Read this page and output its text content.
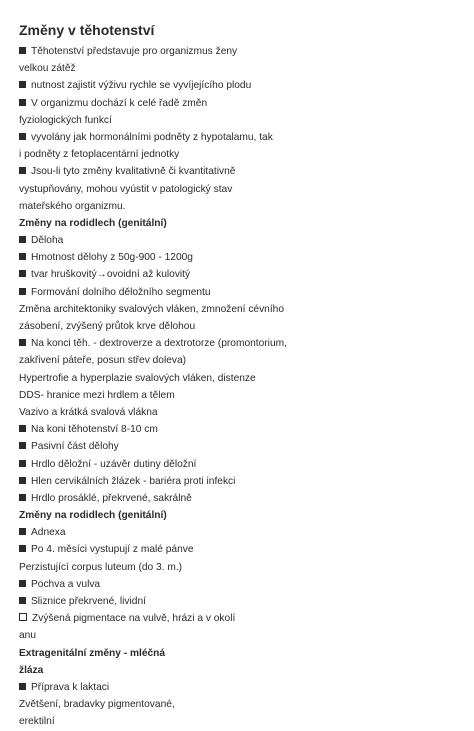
Změny v těhotenství
Těhotenství představuje pro organizmus ženy
velkou zátěž
nutnost zajistit výživu rychle se vyvíjejícího plodu
V organizmu dochází k celé řadě změn
fyziologických funkcí
vyvolány jak hormonálními podněty z hypotalamu, tak
i podněty z fetoplacentární jednotky
Jsou-li tyto změny kvalitativně či kvantitativně
vystupňovány, mohou vyústit v patologický stav
mateřského organizmu.
Změny na rodidlech (genitální)
Děloha
Hmotnost dělohy z 50g-900 - 1200g
tvar hruškovitý→ovoidní až kulovitý
Formování dolního děložního segmentu
Změna architektoniky svalových vláken, zmnožení cévního
zásobení, zvýšený průtok krve dělohou
Na konci těh. - dextroverze a dextrotorze (promontorium,
zakřivení páteře, posun střev doleva)
Hypertrofie a hyperplazie svalových vláken, distenze
DDS- hranice mezi hrdlem a tělem
Vazivo a krátká svalová vlákna
Na koni těhotenství 8-10 cm
Pasivní část dělohy
Hrdlo děložní - uzávěr dutiny děložní
Hlen cervikálních žlázek - bariéra proti infekci
Hrdlo prosáklé, překrvené, sakrálně
Změny na rodidlech (genitální)
Adnexa
Po 4. měsíci vystupují z malé pánve
Perzistující corpus luteum (do 3. m.)
Pochva a vulva
Sliznice překrvené, lividní
Zvýšená pigmentace na vulvě, hrázi a v okolí
anu
Extragenitální změny - mléčná
žláza
Příprava k laktaci
Zvětšení, bradavky pigmentované,
erektilní
